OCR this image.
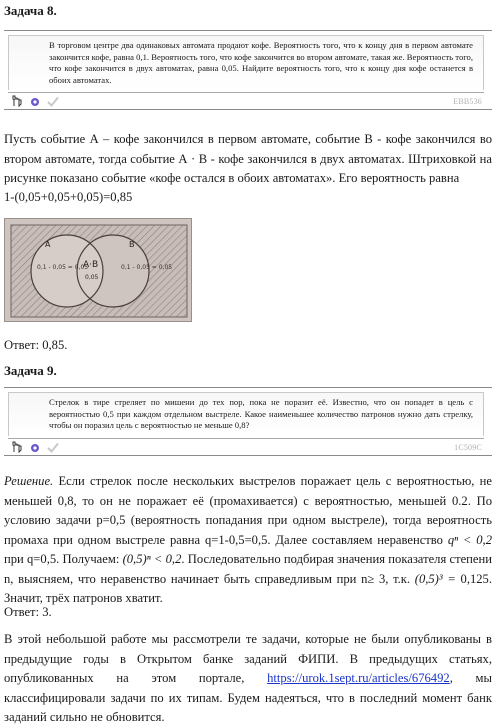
Задача 8.
В торговом центре два одинаковых автомата продают кофе. Вероятность того, что к концу дня в первом автомате закончится кофе, равна 0,1. Вероятность того, что кофе закончится во втором автомате, такая же. Вероятность того, что кофе закончится в двух автоматах, равна 0,05. Найдите вероятность того, что к концу дня кофе останется в обоих автоматах.
EBB536

Пусть событие А – кофе закончился в первом автомате, событие В - кофе закончился во втором автомате, тогда событие А · В - кофе закончился в двух автоматах. Штриховкой на рисунке показано событие «кофе остался в обоих автоматах». Его вероятность равна

1-(0,05+0,05+0,05)=0,85
0,1 - 0,05 = 0,05	0,1 - 0,05 = 0,05
А·В
0,05
А	В
Ответ: 0,85.
Задача 9.
Стрелок в тире стреляет по мишени до тех пор, пока не поразит её. Известно, что он попадет в цель с вероятностью 0,5 при каждом отдельном выстреле. Какое наименьшее количество патронов нужно дать стрелку, чтобы он поразил цель с вероятностью не меньше 0,8?
1C509C

Решение. Если стрелок после нескольких выстрелов поражает цель с вероятностью, не меньшей 0,8, то он не поражает её (промахивается) с вероятностью, меньшей 0.2. По условию задачи p=0,5 (вероятность попадания при одном выстреле), тогда вероятность промаха при одном выстреле равна q=1-0,5=0,5. Далее составляем неравенство qⁿ < 0,2 при q=0,5. Получаем: (0,5)ⁿ < 0,2. Последовательно подбирая значения показателя степени n, выясняем, что неравенство начинает быть справедливым при n≥ 3, т.к. (0,5)³ = 0,125. Значит, трёх патронов хватит.

Ответ: 3.

В этой небольшой работе мы рассмотрели те задачи, которые не были опубликованы в предыдущие годы в Открытом банке заданий ФИПИ. В предыдущих статьях, опубликованных на этом портале, https://urok.1sept.ru/articles/676492, мы классифицировали задачи по их типам. Будем надеяться, что в последний момент банк заданий сильно не обновится.
